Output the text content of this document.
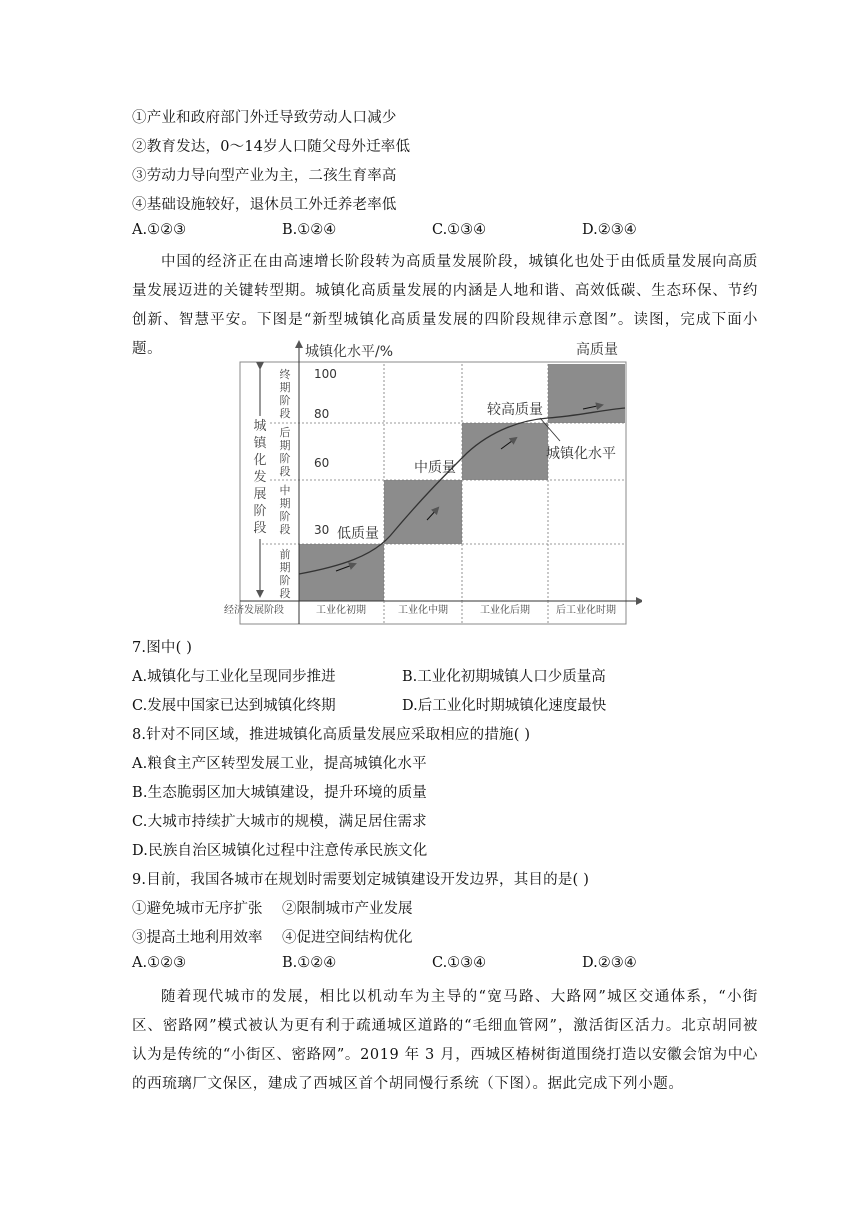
①产业和政府部门外迁导致劳动人口减少
②教育发达，0～14岁人口随父母外迁率低
③劳动力导向型产业为主，二孩生育率高
④基础设施较好，退休员工外迁养老率低
A.①②③	B.①②④	C.①③④	D.②③④
中国的经济正在由高速增长阶段转为高质量发展阶段，城镇化也处于由低质量发展向高质量发展迈进的关键转型期。城镇化高质量发展的内涵是人地和谐、高效低碳、生态环保、节约创新、智慧平安。下图是“新型城镇化高质量发展的四阶段规律示意图”。读图，完成下面小题。	城镇化水平/%
100
80
60
30
终期阶段
后期阶段
中期阶段
前期阶段
城镇化发展阶段	低质量
中质量
较高质量
高质量
城镇化水平
经济发展阶段	工业化初期	工业化中期	工业化后期	后工业化时期
7.图中( )
A.城镇化与工业化呈现同步推进	B.工业化初期城镇人口少质量高
C.发展中国家已达到城镇化终期	D.后工业化时期城镇化速度最快
8.针对不同区域，推进城镇化高质量发展应采取相应的措施( )
A.粮食主产区转型发展工业，提高城镇化水平
B.生态脆弱区加大城镇建设，提升环境的质量
C.大城市持续扩大城市的规模，满足居住需求
D.民族自治区城镇化过程中注意传承民族文化
9.目前，我国各城市在规划时需要划定城镇建设开发边界，其目的是( )
①避免城市无序扩张	②限制城市产业发展
③提高土地利用效率	④促进空间结构优化
A.①②③	B.①②④	C.①③④	D.②③④
随着现代城市的发展，相比以机动车为主导的“宽马路、大路网”城区交通体系，“小街区、密路网”模式被认为更有利于疏通城区道路的“毛细血管网”，激活街区活力。北京胡同被认为是传统的“小街区、密路网”。2019 年 3 月，西城区椿树街道围绕打造以安徽会馆为中心的西琉璃厂文保区，建成了西城区首个胡同慢行系统（下图）。据此完成下列小题。
